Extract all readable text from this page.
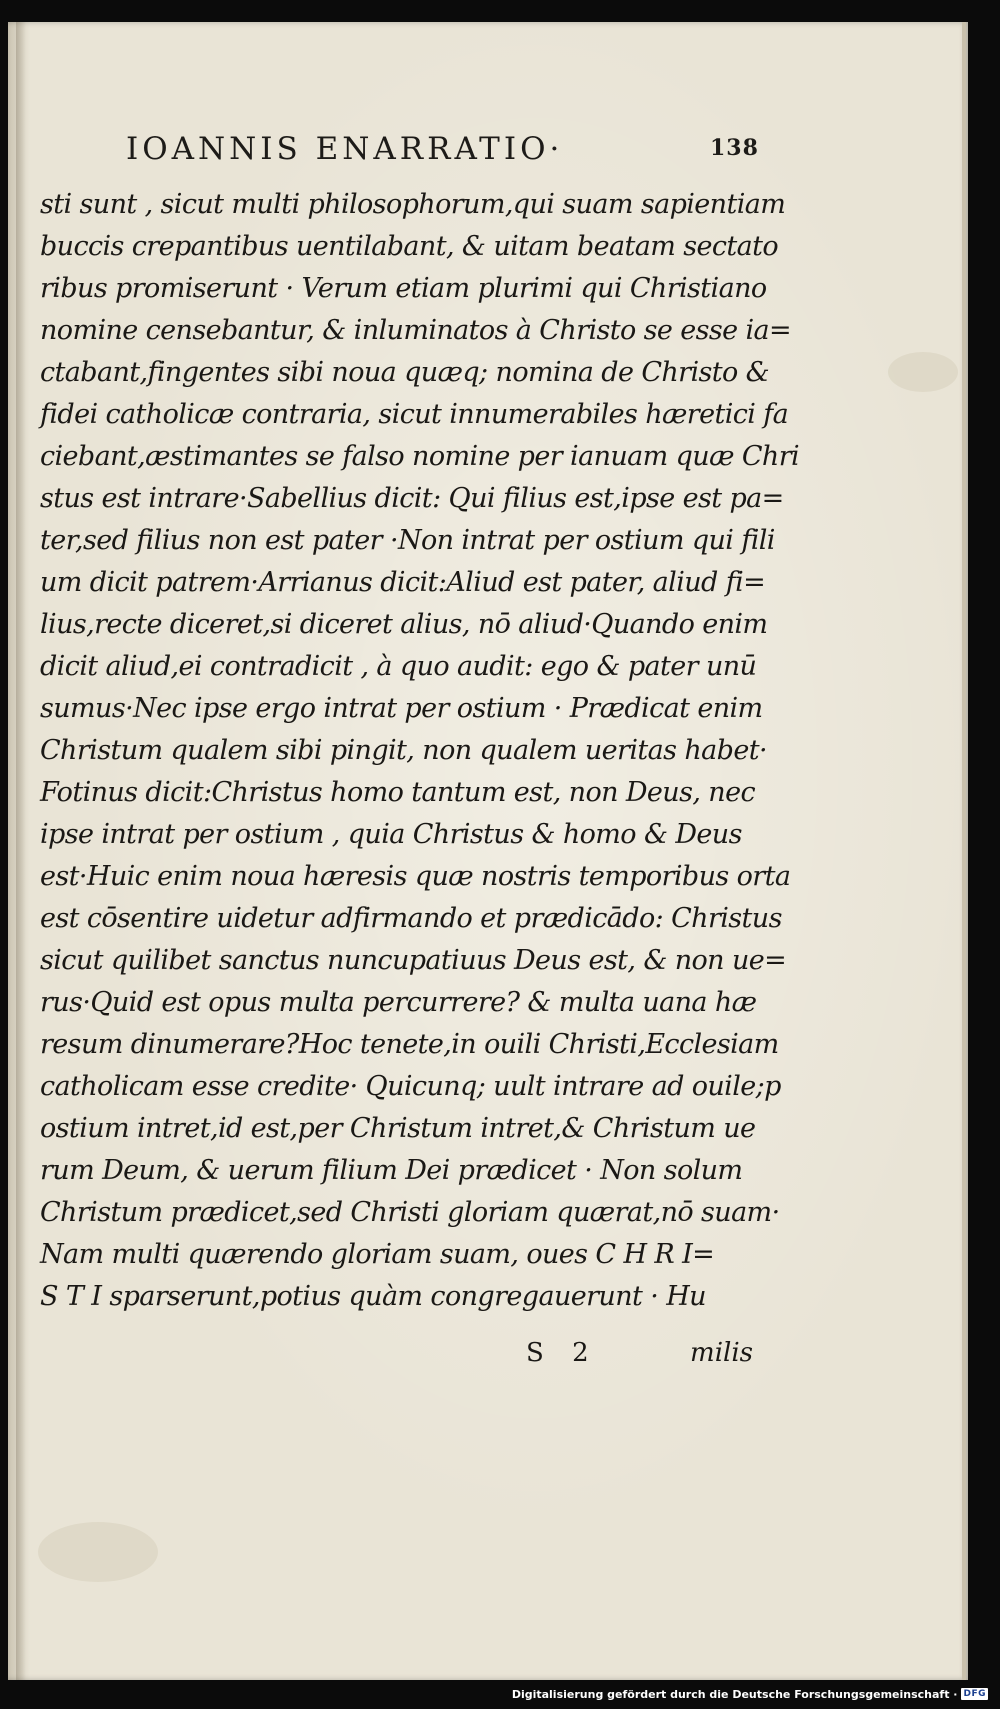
IOANNIS ENARRATIO·	138
sti sunt , sicut multi philosophorum,qui suam sapientiam
buccis crepantibus uentilabant, & uitam beatam sectato
ribus promiserunt · Verum etiam plurimi qui Christiano
nomine censebantur, & inluminatos à Christo se esse ia=
ctabant,fingentes sibi noua quæq; nomina de Christo &
fidei catholicæ contraria, sicut innumerabiles hæretici fa
ciebant,æstimantes se falso nomine per ianuam quæ Chri
stus est intrare·Sabellius dicit: Qui filius est,ipse est pa=
ter,sed filius non est pater ·Non intrat per ostium qui fili
um dicit patrem·Arrianus dicit:Aliud est pater, aliud fi=
lius,recte diceret,si diceret alius, nō aliud·Quando enim
dicit aliud,ei contradicit , à quo audit: ego & pater unū
sumus·Nec ipse ergo intrat per ostium · Prædicat enim
Christum qualem sibi pingit, non qualem ueritas habet·
Fotinus dicit:Christus homo tantum est, non Deus, nec
ipse intrat per ostium , quia Christus & homo & Deus
est·Huic enim noua hæresis quæ nostris temporibus orta
est cōsentire uidetur adfirmando et prædicādo: Christus
sicut quilibet sanctus nuncupatiuus Deus est, & non ue=
rus·Quid est opus multa percurrere? & multa uana hæ
resum dinumerare?Hoc tenete,in ouili Christi,Ecclesiam
catholicam esse credite· Quicunq; uult intrare ad ouile;p
ostium intret,id est,per Christum intret,& Christum ue
rum Deum, & uerum filium Dei prædicet · Non solum
Christum prædicet,sed Christi gloriam quærat,nō suam·
Nam multi quærendo gloriam suam, oues C H R I=
S T I sparserunt,potius quàm congregauerunt · Hu
S 2	milis
Digitalisierung gefördert durch die Deutsche Forschungsgemeinschaft · DFG
